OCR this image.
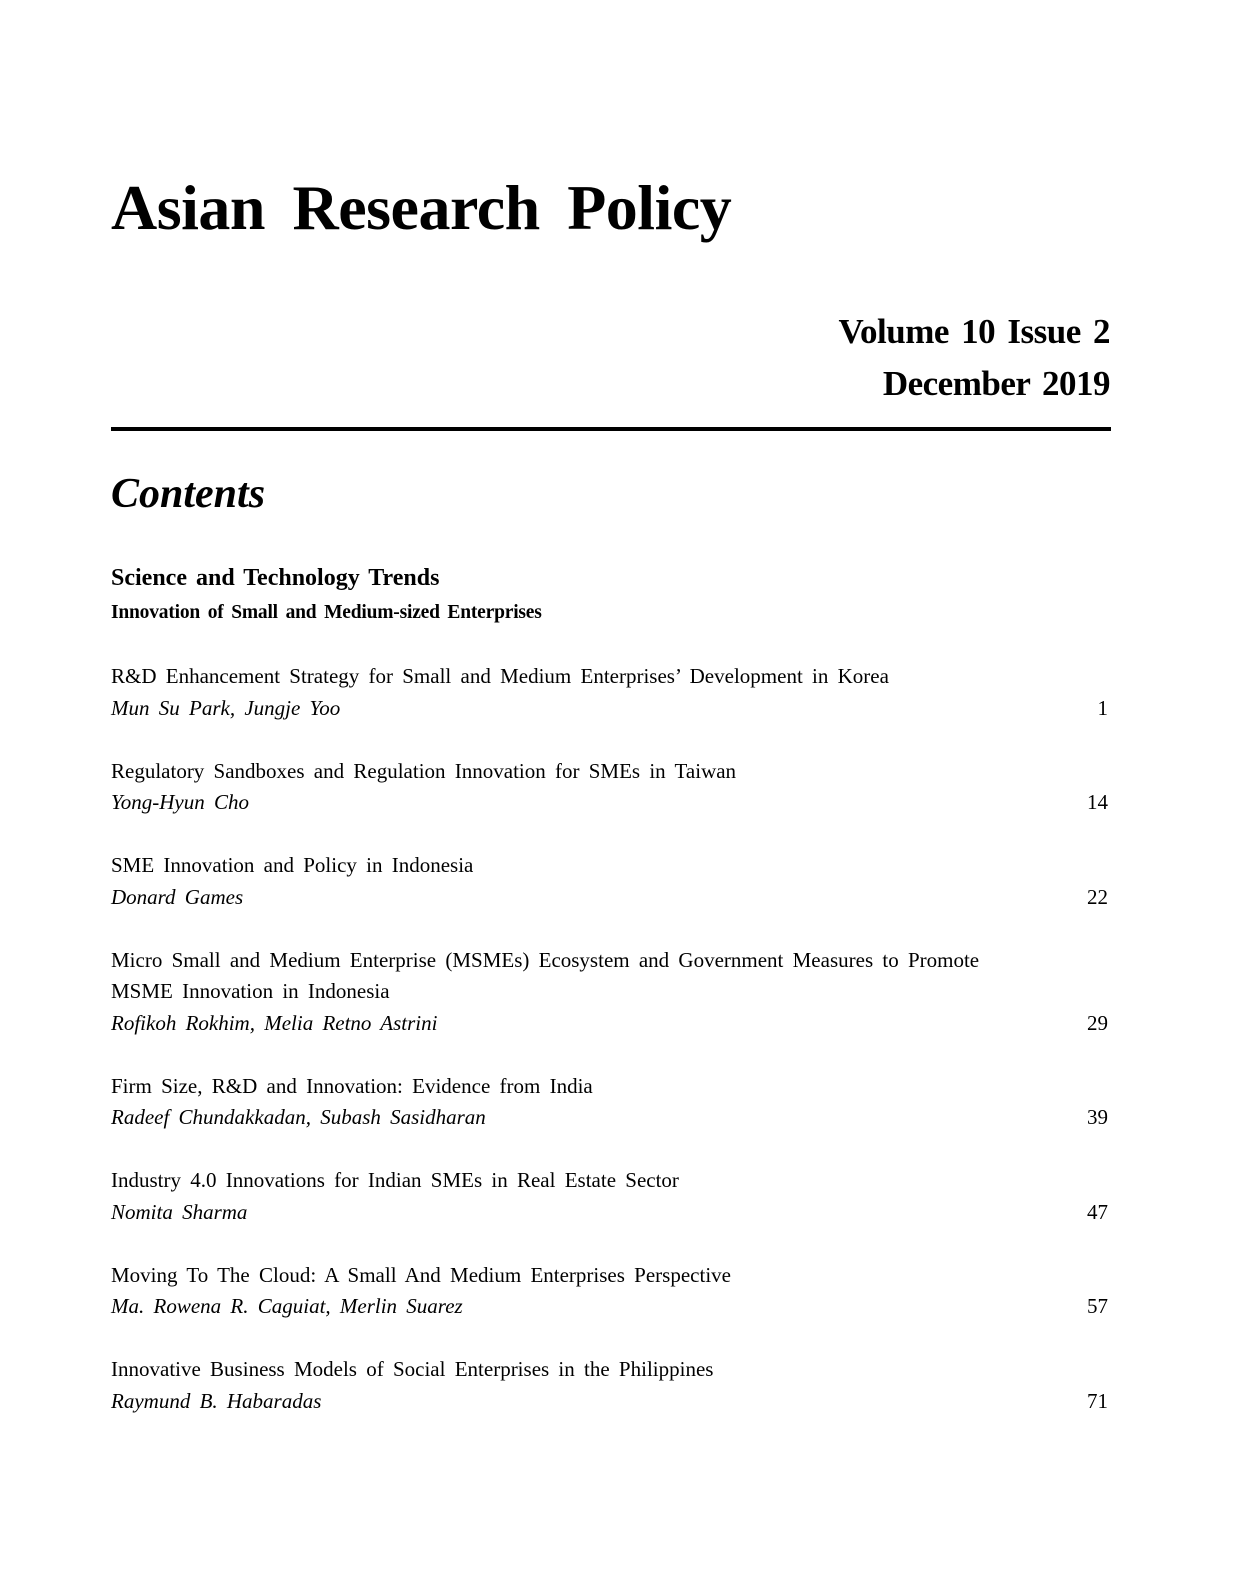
Asian Research Policy
Volume 10 Issue 2
December 2019
Contents
Science and Technology Trends
Innovation of Small and Medium-sized Enterprises
R&D Enhancement Strategy for Small and Medium Enterprises’ Development in Korea
Mun Su Park, Jungje Yoo	1
Regulatory Sandboxes and Regulation Innovation for SMEs in Taiwan
Yong-Hyun Cho	14
SME Innovation and Policy in Indonesia
Donard Games	22
Micro Small and Medium Enterprise (MSMEs) Ecosystem and Government Measures to Promote MSME Innovation in Indonesia
Rofikoh Rokhim, Melia Retno Astrini	29
Firm Size, R&D and Innovation: Evidence from India
Radeef Chundakkadan, Subash Sasidharan	39
Industry 4.0 Innovations for Indian SMEs in Real Estate Sector
Nomita Sharma	47
Moving To The Cloud: A Small And Medium Enterprises Perspective
Ma. Rowena R. Caguiat, Merlin Suarez	57
Innovative Business Models of Social Enterprises in the Philippines
Raymund B. Habaradas	71
